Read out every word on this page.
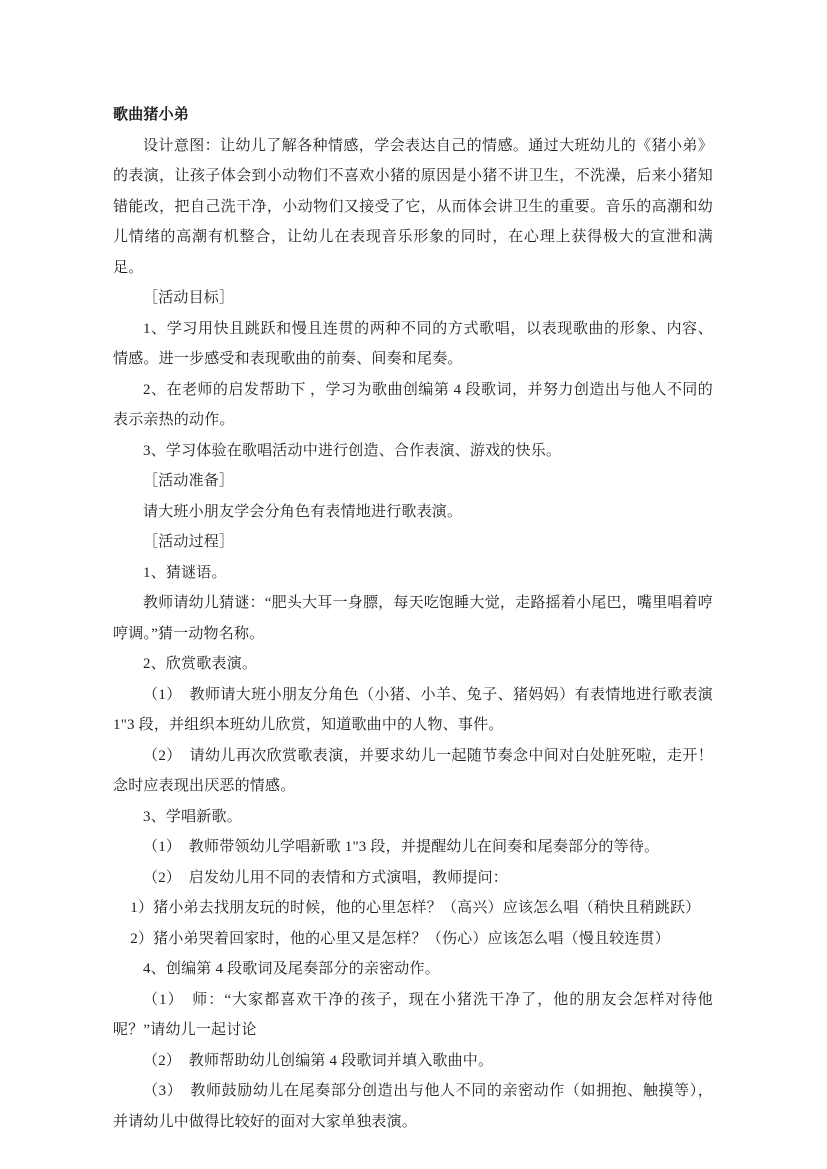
歌曲猪小弟

设计意图：让幼儿了解各种情感，学会表达自己的情感。通过大班幼儿的《猪小弟》的表演，让孩子体会到小动物们不喜欢小猪的原因是小猪不讲卫生，不洗澡，后来小猪知错能改，把自己洗干净，小动物们又接受了它，从而体会讲卫生的重要。音乐的高潮和幼儿情绪的高潮有机整合，让幼儿在表现音乐形象的同时，在心理上获得极大的宣泄和满足。

［活动目标］

1、学习用快且跳跃和慢且连贯的两种不同的方式歌唱，以表现歌曲的形象、内容、情感。进一步感受和表现歌曲的前奏、间奏和尾奏。

2、在老师的启发帮助下 ，学习为歌曲创编第 4 段歌词，并努力创造出与他人不同的表示亲热的动作。

3、学习体验在歌唱活动中进行创造、合作表演、游戏的快乐。

［活动准备］

请大班小朋友学会分角色有表情地进行歌表演。

［活动过程］

1、猜谜语。

教师请幼儿猜谜：“肥头大耳一身膘，每天吃饱睡大觉，走路摇着小尾巴，嘴里唱着哼哼调。”猜一动物名称。

2、欣赏歌表演。

（1）　教师请大班小朋友分角色（小猪、小羊、兔子、猪妈妈）有表情地进行歌表演 1"3 段，并组织本班幼儿欣赏，知道歌曲中的人物、事件。

（2）　请幼儿再次欣赏歌表演，并要求幼儿一起随节奏念中间对白处脏死啦，走开！念时应表现出厌恶的情感。

3、学唱新歌。

（1）　教师带领幼儿学唱新歌 1"3 段，并提醒幼儿在间奏和尾奏部分的等待。

（2）　启发幼儿用不同的表情和方式演唱，教师提问：

1）猪小弟去找朋友玩的时候，他的心里怎样？（高兴）应该怎么唱（稍快且稍跳跃）

2）猪小弟哭着回家时，他的心里又是怎样？（伤心）应该怎么唱（慢且较连贯）

4、创编第 4 段歌词及尾奏部分的亲密动作。

（1）　师：“大家都喜欢干净的孩子，现在小猪洗干净了，他的朋友会怎样对待他呢？”请幼儿一起讨论

（2）　教师帮助幼儿创编第 4 段歌词并填入歌曲中。

（3）　教师鼓励幼儿在尾奏部分创造出与他人不同的亲密动作（如拥抱、触摸等），并请幼儿中做得比较好的面对大家单独表演。
